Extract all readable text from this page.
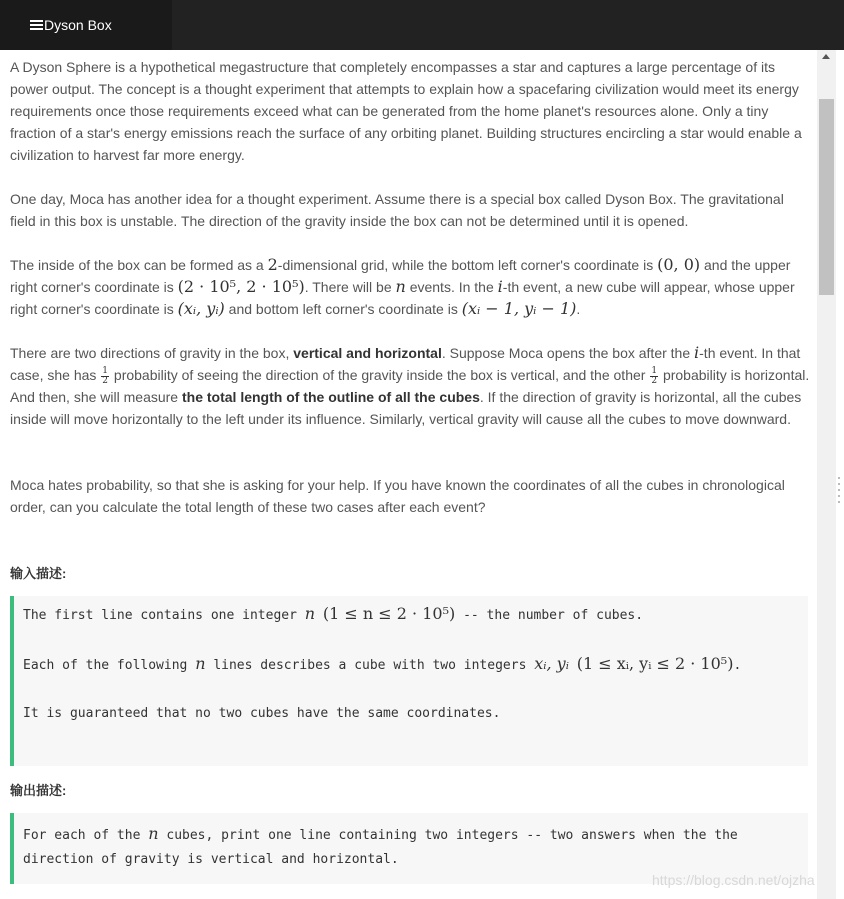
Dyson Box

A Dyson Sphere is a hypothetical megastructure that completely encompasses a star and captures a large percentage of its power output. The concept is a thought experiment that attempts to explain how a spacefaring civilization would meet its energy requirements once those requirements exceed what can be generated from the home planet's resources alone. Only a tiny fraction of a star's energy emissions reach the surface of any orbiting planet. Building structures encircling a star would enable a civilization to harvest far more energy.

One day, Moca has another idea for a thought experiment. Assume there is a special box called Dyson Box. The gravitational field in this box is unstable. The direction of the gravity inside the box can not be determined until it is opened.

The inside of the box can be formed as a 2-dimensional grid, while the bottom left corner's coordinate is (0, 0) and the upper right corner's coordinate is (2 · 10⁵, 2 · 10⁵). There will be n events. In the i-th event, a new cube will appear, whose upper right corner's coordinate is (xᵢ, yᵢ) and bottom left corner's coordinate is (xᵢ − 1, yᵢ − 1).

There are two directions of gravity in the box, vertical and horizontal. Suppose Moca opens the box after the i-th event. In that case, she has $\frac{1}{2}$ probability of seeing the direction of the gravity inside the box is vertical, and the other $\frac{1}{2}$ probability is horizontal. And then, she will measure the total length of the outline of all the cubes. If the direction of gravity is horizontal, all the cubes inside will move horizontally to the left under its influence. Similarly, vertical gravity will cause all the cubes to move downward.

Moca hates probability, so that she is asking for your help. If you have known the coordinates of all the cubes in chronological order, can you calculate the total length of these two cases after each event?

输入描述:
The first line contains one integer n (1 ≤ n ≤ 2 · 10⁵) -- the number of cubes.
Each of the following n lines describes a cube with two integers xᵢ, yᵢ (1 ≤ xᵢ, yᵢ ≤ 2 · 10⁵).
It is guaranteed that no two cubes have the same coordinates.
输出描述:
For each of the n cubes, print one line containing two integers -- two answers when the the
direction of gravity is vertical and horizontal.
https://blog.csdn.net/ojzha
